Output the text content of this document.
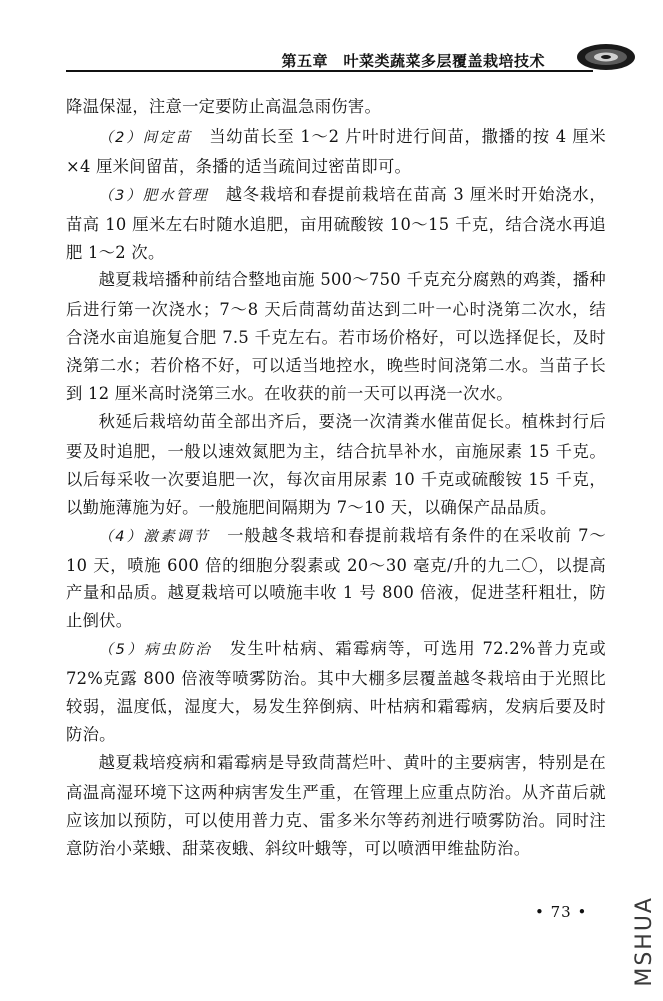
第五章　叶菜类蔬菜多层覆盖栽培技术

降温保湿，注意一定要防止高温急雨伤害。

（2）间定苗　当幼苗长至 1～2 片叶时进行间苗，撒播的按 4 厘米×4 厘米间留苗，条播的适当疏间过密苗即可。

（3）肥水管理　越冬栽培和春提前栽培在苗高 3 厘米时开始浇水，苗高 10 厘米左右时随水追肥，亩用硫酸铵 10～15 千克，结合浇水再追肥 1～2 次。

越夏栽培播种前结合整地亩施 500～750 千克充分腐熟的鸡粪，播种后进行第一次浇水；7～8 天后茼蒿幼苗达到二叶一心时浇第二次水，结合浇水亩追施复合肥 7.5 千克左右。若市场价格好，可以选择促长，及时浇第二水；若价格不好，可以适当地控水，晚些时间浇第二水。当苗子长到 12 厘米高时浇第三水。在收获的前一天可以再浇一次水。

秋延后栽培幼苗全部出齐后，要浇一次清粪水催苗促长。植株封行后要及时追肥，一般以速效氮肥为主，结合抗旱补水，亩施尿素 15 千克。以后每采收一次要追肥一次，每次亩用尿素 10 千克或硫酸铵 15 千克，以勤施薄施为好。一般施肥间隔期为 7～10 天，以确保产品品质。

（4）激素调节　一般越冬栽培和春提前栽培有条件的在采收前 7～10 天，喷施 600 倍的细胞分裂素或 20～30 毫克/升的九二〇，以提高产量和品质。越夏栽培可以喷施丰收 1 号 800 倍液，促进茎秆粗壮，防止倒伏。

（5）病虫防治　发生叶枯病、霜霉病等，可选用 72.2%普力克或 72%克露 800 倍液等喷雾防治。其中大棚多层覆盖越冬栽培由于光照比较弱，温度低，湿度大，易发生猝倒病、叶枯病和霜霉病，发病后要及时防治。

越夏栽培疫病和霜霉病是导致茼蒿烂叶、黄叶的主要病害，特别是在高温高湿环境下这两种病害发生严重，在管理上应重点防治。从齐苗后就应该加以预防，可以使用普力克、雷多米尔等药剂进行喷雾防治。同时注意防治小菜蛾、甜菜夜蛾、斜纹叶蛾等，可以喷洒甲维盐防治。

• 73 • MSHUA
